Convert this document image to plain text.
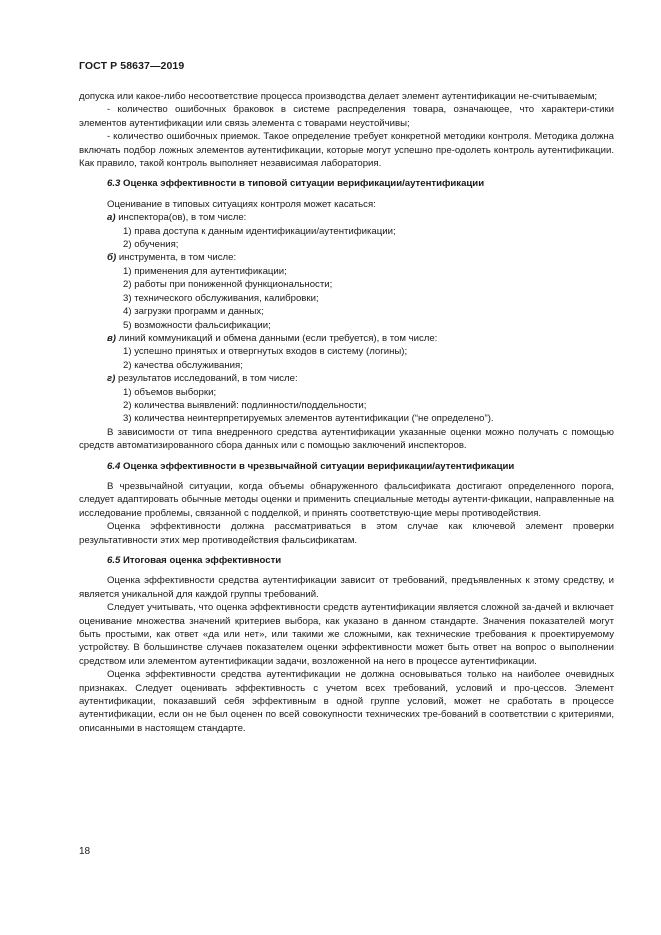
ГОСТ Р 58637—2019

допуска или какое-либо несоответствие процесса производства делает элемент аутентификации не-считываемым;

- количество ошибочных браковок в системе распределения товара, означающее, что характери-стики элементов аутентификации или связь элемента с товарами неустойчивы;

- количество ошибочных приемок. Такое определение требует конкретной методики контроля. Методика должна включать подбор ложных элементов аутентификации, которые могут успешно пре-одолеть контроль аутентификации. Как правило, такой контроль выполняет независимая лаборатория.

6.3 Оценка эффективности в типовой ситуации верификации/аутентификации

Оценивание в типовых ситуациях контроля может касаться:

а) инспектора(ов), в том числе:
1) права доступа к данным идентификации/аутентификации;
2) обучения;
б) инструмента, в том числе:
1) применения для аутентификации;
2) работы при пониженной функциональности;
3) технического обслуживания, калибровки;
4) загрузки программ и данных;
5) возможности фальсификации;
в) линий коммуникаций и обмена данными (если требуется), в том числе:
1) успешно принятых и отвергнутых входов в систему (логины);
2) качества обслуживания;
г) результатов исследований, в том числе:
1) объемов выборки;
2) количества выявлений: подлинности/поддельности;
3) количества неинтерпретируемых элементов аутентификации (“не определено”).

В зависимости от типа внедренного средства аутентификации указанные оценки можно получать с помощью средств автоматизированного сбора данных или с помощью заключений инспекторов.

6.4 Оценка эффективности в чрезвычайной ситуации верификации/аутентификации

В чрезвычайной ситуации, когда объемы обнаруженного фальсификата достигают определенного порога, следует адаптировать обычные методы оценки и применить специальные методы аутенти-фикации, направленные на исследование проблемы, связанной с подделкой, и принять соответствую-щие меры противодействия.

Оценка эффективности должна рассматриваться в этом случае как ключевой элемент проверки результативности этих мер противодействия фальсификатам.

6.5 Итоговая оценка эффективности

Оценка эффективности средства аутентификации зависит от требований, предъявленных к этому средству, и является уникальной для каждой группы требований.

Следует учитывать, что оценка эффективности средств аутентификации является сложной за-дачей и включает оценивание множества значений критериев выбора, как указано в данном стандарте. Значения показателей могут быть простыми, как ответ «да или нет», или такими же сложными, как технические требования к проектируемому устройству. В большинстве случаев показателем оценки эффективности может быть ответ на вопрос о выполнении средством или элементом аутентификации задачи, возложенной на него в процессе аутентификации.

Оценка эффективности средства аутентификации не должна основываться только на наиболее очевидных признаках. Следует оценивать эффективность с учетом всех требований, условий и про-цессов. Элемент аутентификации, показавший себя эффективным в одной группе условий, может не сработать в процессе аутентификации, если он не был оценен по всей совокупности технических тре-бований в соответствии с критериями, описанными в настоящем стандарте.

18
